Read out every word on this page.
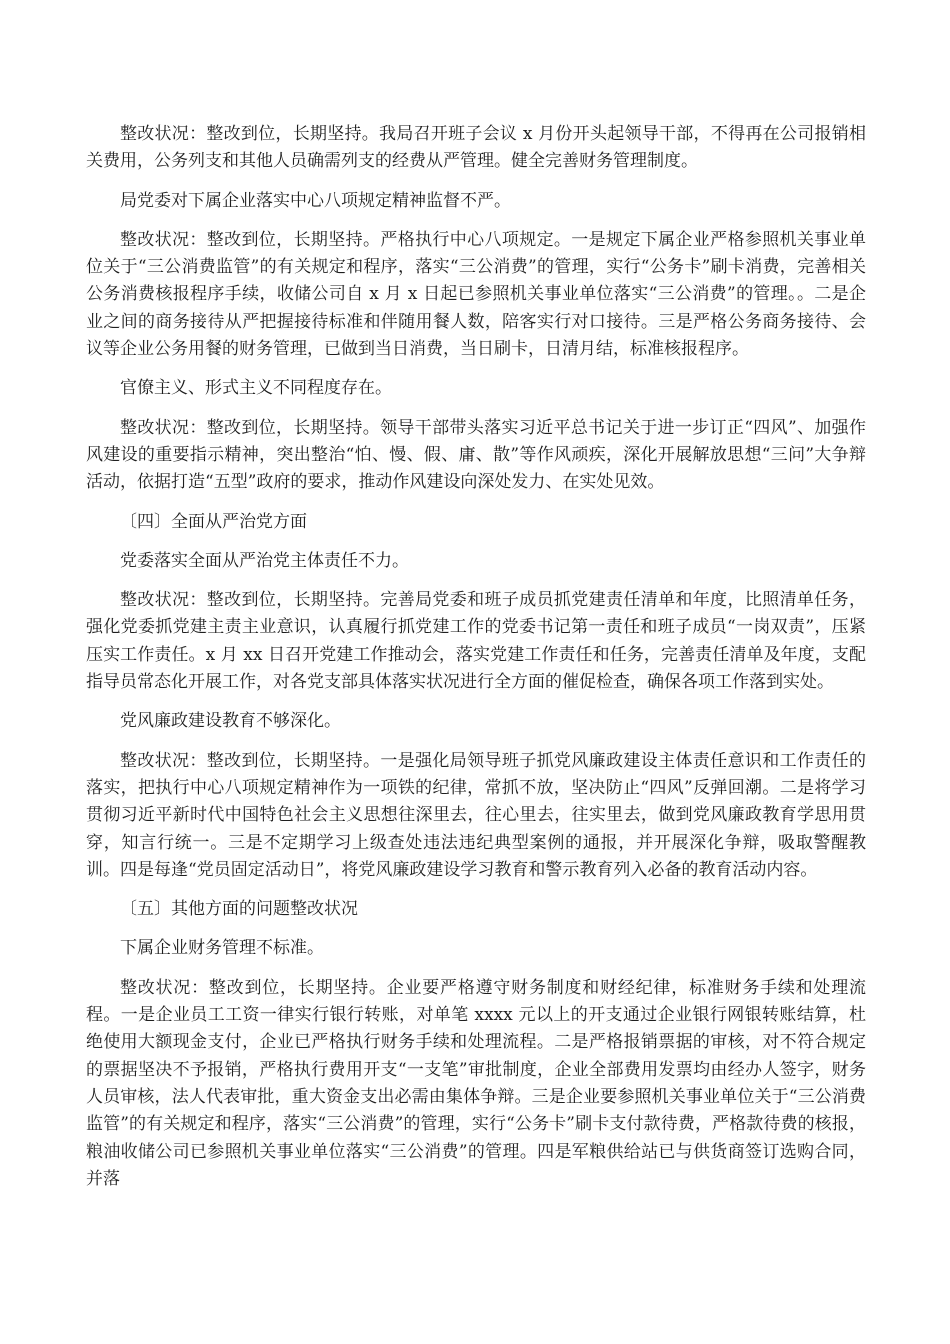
整改状况：整改到位，长期坚持。我局召开班子会议 x 月份开头起领导干部，不得再在公司报销相关费用，公务列支和其他人员确需列支的经费从严管理。健全完善财务管理制度。

局党委对下属企业落实中心八项规定精神监督不严。

整改状况：整改到位，长期坚持。严格执行中心八项规定。一是规定下属企业严格参照机关事业单位关于“三公消费监管”的有关规定和程序，落实“三公消费”的管理，实行“公务卡”刷卡消费，完善相关公务消费核报程序手续，收储公司自 x 月 x 日起已参照机关事业单位落实“三公消费”的管理。。二是企业之间的商务接待从严把握接待标准和伴随用餐人数，陪客实行对口接待。三是严格公务商务接待、会议等企业公务用餐的财务管理，已做到当日消费，当日刷卡，日清月结，标准核报程序。

官僚主义、形式主义不同程度存在。

整改状况：整改到位，长期坚持。领导干部带头落实习近平总书记关于进一步订正“四风”、加强作风建设的重要指示精神，突出整治“怕、慢、假、庸、散”等作风顽疾，深化开展解放思想“三问”大争辩活动，依据打造“五型”政府的要求，推动作风建设向深处发力、在实处见效。

〔四〕全面从严治党方面

党委落实全面从严治党主体责任不力。

整改状况：整改到位，长期坚持。完善局党委和班子成员抓党建责任清单和年度，比照清单任务，强化党委抓党建主责主业意识，认真履行抓党建工作的党委书记第一责任和班子成员“一岗双责”，压紧压实工作责任。x 月 xx 日召开党建工作推动会，落实党建工作责任和任务，完善责任清单及年度，支配指导员常态化开展工作，对各党支部具体落实状况进行全方面的催促检查，确保各项工作落到实处。

党风廉政建设教育不够深化。

整改状况：整改到位，长期坚持。一是强化局领导班子抓党风廉政建设主体责任意识和工作责任的落实，把执行中心八项规定精神作为一项铁的纪律，常抓不放，坚决防止“四风”反弹回潮。二是将学习贯彻习近平新时代中国特色社会主义思想往深里去，往心里去，往实里去，做到党风廉政教育学思用贯穿，知言行统一。三是不定期学习上级查处违法违纪典型案例的通报，并开展深化争辩，吸取警醒教训。四是每逢“党员固定活动日”，将党风廉政建设学习教育和警示教育列入必备的教育活动内容。

〔五〕其他方面的问题整改状况

下属企业财务管理不标准。

整改状况：整改到位，长期坚持。企业要严格遵守财务制度和财经纪律，标准财务手续和处理流程。一是企业员工工资一律实行银行转账，对单笔 xxxx 元以上的开支通过企业银行网银转账结算，杜绝使用大额现金支付，企业已严格执行财务手续和处理流程。二是严格报销票据的审核，对不符合规定的票据坚决不予报销，严格执行费用开支“一支笔”审批制度，企业全部费用发票均由经办人签字，财务人员审核，法人代表审批，重大资金支出必需由集体争辩。三是企业要参照机关事业单位关于“三公消费监管”的有关规定和程序，落实“三公消费”的管理，实行“公务卡”刷卡支付款待费，严格款待费的核报，粮油收储公司已参照机关事业单位落实“三公消费”的管理。四是军粮供给站已与供货商签订选购合同，并落
